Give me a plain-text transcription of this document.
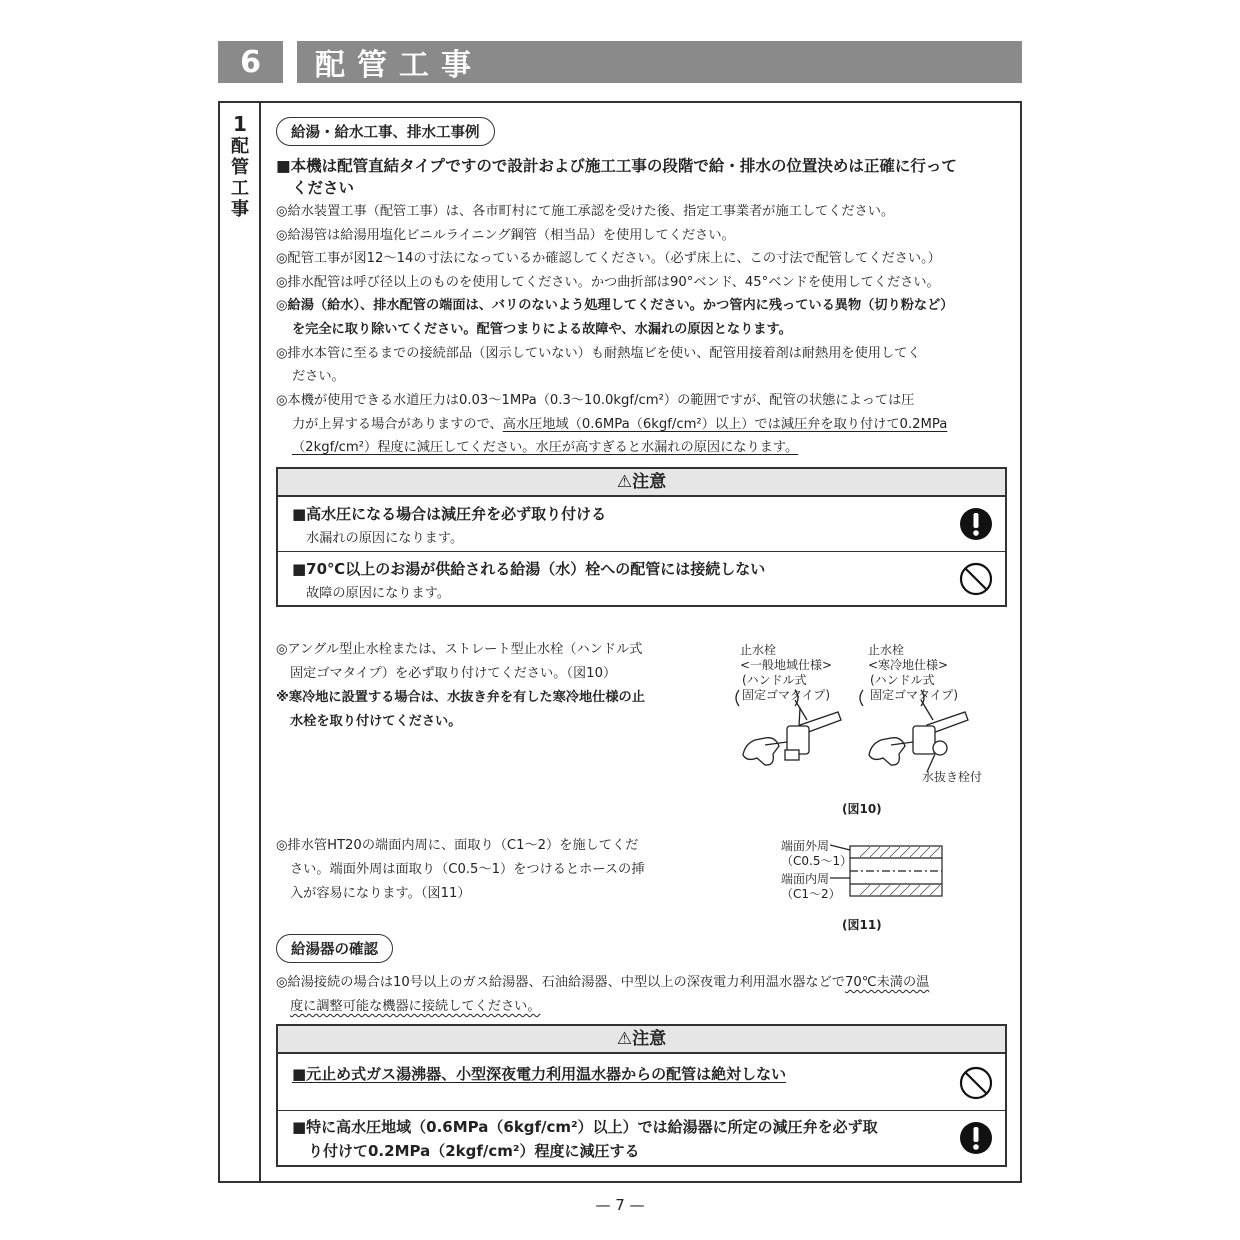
6	配管工事
1
配
管
工
事
給湯・給水工事、排水工事例
■本機は配管直結タイプですので設計および施工工事の段階で給・排水の位置決めは正確に行って
ください
◎給水装置工事（配管工事）は、各市町村にて施工承認を受けた後、指定工事業者が施工してください。
◎給湯管は給湯用塩化ビニルライニング鋼管（相当品）を使用してください。
◎配管工事が図12～14の寸法になっているか確認してください。（必ず床上に、この寸法で配管してください。）
◎排水配管は呼び径以上のものを使用してください。かつ曲折部は90°ベンド、45°ベンドを使用してください。
◎給湯（給水）、排水配管の端面は、バリのないよう処理してください。かつ管内に残っている異物（切り粉など）
を完全に取り除いてください。配管つまりによる故障や、水漏れの原因となります。
◎排水本管に至るまでの接続部品（図示していない）も耐熱塩ビを使い、配管用接着剤は耐熱用を使用してく
ださい。
◎本機が使用できる水道圧力は0.03～1MPa（0.3～10.0kgf/cm²）の範囲ですが、配管の状態によっては圧
力が上昇する場合がありますので、高水圧地域（0.6MPa（6kgf/cm²）以上）では減圧弁を取り付けて0.2MPa
（2kgf/cm²）程度に減圧してください。水圧が高すぎると水漏れの原因になります。
⚠注意
■高水圧になる場合は減圧弁を必ず取り付ける
水漏れの原因になります。
■70℃以上のお湯が供給される給湯（水）栓への配管には接続しない
故障の原因になります。
◎アングル型止水栓または、ストレート型止水栓（ハンドル式
固定ゴマタイプ）を必ず取り付けてください。（図10）
※寒冷地に設置する場合は、水抜き弁を有した寒冷地仕様の止
水栓を取り付けてください。
止水栓
<一般地域仕様>
(ハンドル式
固定ゴマタイプ)
止水栓
<寒冷地仕様>
(ハンドル式
固定ゴマタイプ)
水抜き栓付
(図10)
◎排水管HT20の端面内周に、面取り（C1～2）を施してくだ
さい。端面外周は面取り（C0.5～1）をつけるとホースの挿
入が容易になります。（図11）
端面外周
（C0.5～1）
端面内周
（C1～2）
(図11)
給湯器の確認
◎給湯接続の場合は10号以上のガス給湯器、石油給湯器、中型以上の深夜電力利用温水器などで70℃未満の温
度に調整可能な機器に接続してください。
⚠注意
■元止め式ガス湯沸器、小型深夜電力利用温水器からの配管は絶対しない
■特に高水圧地域（0.6MPa（6kgf/cm²）以上）では給湯器に所定の減圧弁を必ず取
り付けて0.2MPa（2kgf/cm²）程度に減圧する
— 7 —
